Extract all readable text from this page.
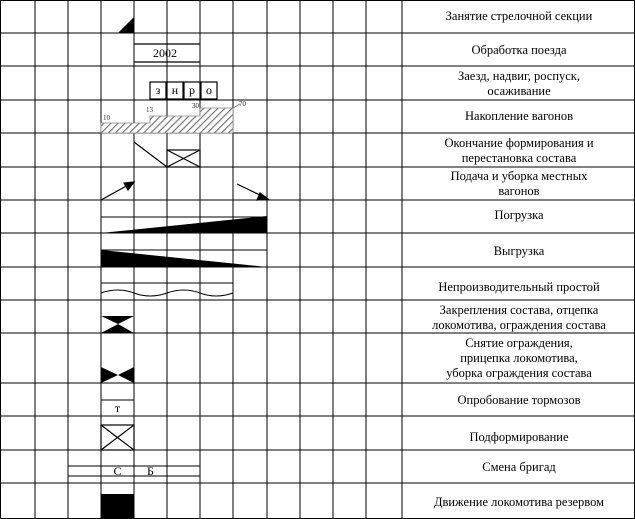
Занятие стрелочной секции
Обработка поезда
Заезд, надвиг, роспуск,
осаживание
Накопление вагонов
Окончание формирования и
перестановка состава
Подача и уборка местных
вагонов
Погрузка
Выгрузка
Непроизводительный простой
Закрепления состава, отцепка
локомотива, ограждения состава
Снятие ограждения,
прицепка локомотива,
уборка ограждения состава
Опробование тормозов
Подформирование
Смена бригад
Движение локомотива резервом
2002
з н р о
10
13	30	70
т
С	Б
